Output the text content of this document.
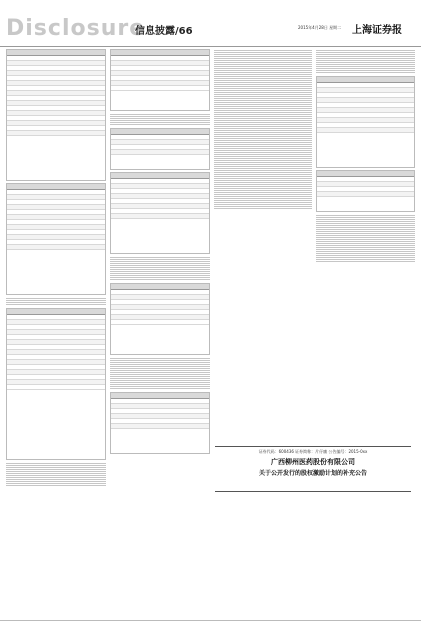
Disclosure
信息披露/66	2015年4月28日 星期二 上海证券报
证券代码：600436 证券简称：片仔癀 公告编号：2015-0xx
广西柳州医药股份有限公司
关于公开发行的股权激励计划的补充公告
